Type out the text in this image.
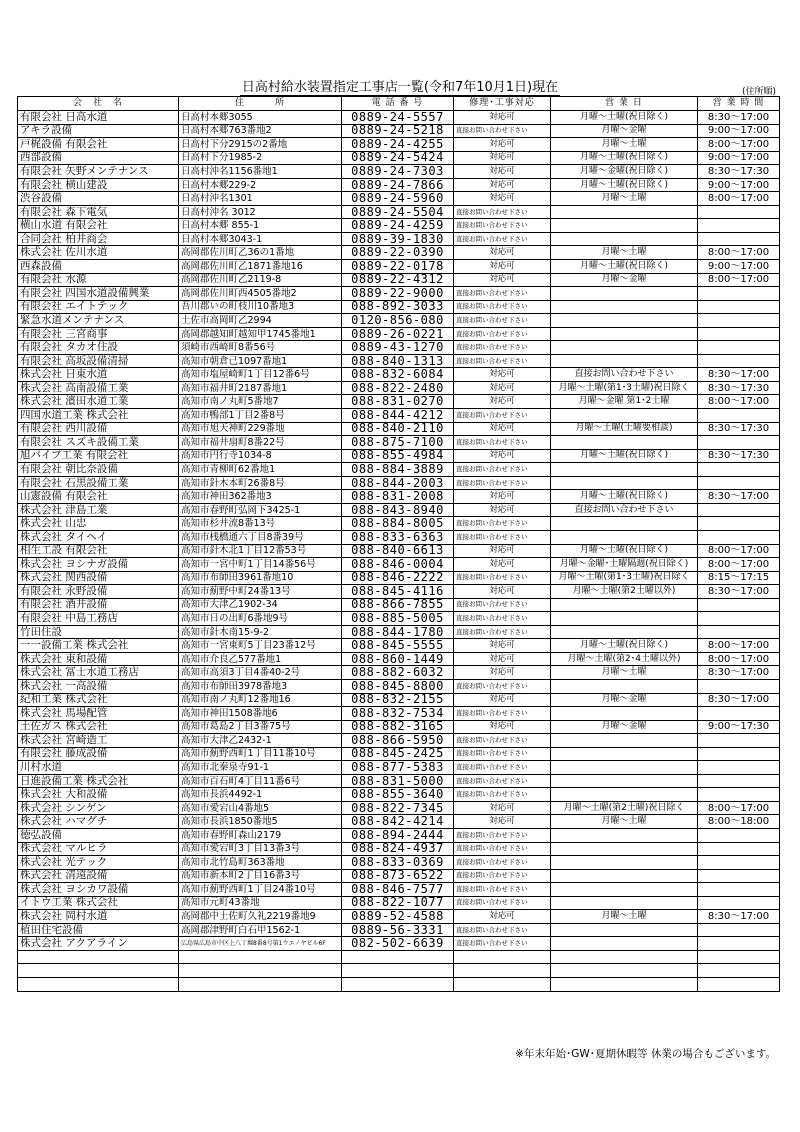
日高村給水装置指定工事店一覧(令和7年10月1日)現在	(住所順)
会　社　名	住　　　所	電 話 番 号	修理･工事対応	営 業 日	営 業 時 間
有限会社 日高水道	日高村本郷3055	0889-24-5557	対応可	月曜～土曜(祝日除く)	8:30～17:00
アキラ設備	日高村本郷763番地2	0889-24-5218	直接お問い合わせ下さい	月曜～金曜	9:00～17:00
戸梶設備 有限会社	日高村下分2915の2番地	0889-24-4255	対応可	月曜～土曜	8:00～17:00
西部設備	日高村下分1985-2	0889-24-5424	対応可	月曜～土曜(祝日除く)	9:00～17:00
有限会社 矢野メンテナンス	日高村沖名1156番地1	0889-24-7303	対応可	月曜～金曜(祝日除く)	8:30～17:30
有限会社 横山建設	日高村本郷229-2	0889-24-7866	対応可	月曜～土曜(祝日除く)	9:00～17:00
渋谷設備	日高村沖名1301	0889-24-5960	対応可	月曜～土曜	8:00～17:00
有限会社 森下電気	日高村沖名 3012	0889-24-5504	直接お問い合わせ下さい		
横山水道 有限会社	日高村本郷 855-1	0889-24-4259	直接お問い合わせ下さい		
合同会社 柏井商会	日高村本郷3043-1	0889-39-1830	直接お問い合わせ下さい		
株式会社 佐川水道	高岡郡佐川町乙36の1番地	0889-22-0390	対応可	月曜～土曜	8:00～17:00
西森設備	高岡郡佐川町乙1871番地16	0889-22-0178	対応可	月曜～土曜(祝日除く)	9:00～17:00
有限会社 水源	高岡郡佐川町乙2119-8	0889-22-4312	対応可	月曜～金曜	8:00～17:00
有限会社 四国水道設備興業	高岡郡佐川町西4505番地2	0889-22-9000	直接お問い合わせ下さい		
有限会社 エイトテック	吾川郡いの町枝川10番地3	088-892-3033	直接お問い合わせ下さい		
緊急水道メンテナンス	土佐市高岡町乙2994	0120-856-080	直接お問い合わせ下さい		
有限会社 三宮商事	高岡郡越知町越知甲1745番地1	0889-26-0221	直接お問い合わせ下さい		
有限会社 タカオ住設	須崎市西崎町8番56号	0889-43-1270	直接お問い合わせ下さい		
有限会社 高坂設備清掃	高知市朝倉己1097番地1	088-840-1313	直接お問い合わせ下さい		
株式会社 日東水道	高知市塩屋崎町1丁目12番6号	088-832-6084	対応可	直接お問い合わせ下さい	8:30～17:00
株式会社 高南設備工業	高知市福井町2187番地1	088-822-2480	対応可	月曜～土曜(第1･3土曜)祝日除く	8:30～17:30
株式会社 濱田水道工業	高知市南ノ丸町5番地7	088-831-0270	対応可	月曜～金曜 第1･2土曜	8:00～17:00
四国水道工業 株式会社	高知市鴨部1丁目2番8号	088-844-4212	直接お問い合わせ下さい		
有限会社 西川設備	高知市旭天神町229番地	088-840-2110	対応可	月曜～土曜(土曜要相談)	8:30～17:30
有限会社 スズキ設備工業	高知市福井扇町8番22号	088-875-7100	直接お問い合わせ下さい		
旭パイプ工業 有限会社	高知市円行寺1034-8	088-855-4984	対応可	月曜～土曜(祝日除く)	8:30～17:30
有限会社 朝比奈設備	高知市青柳町62番地1	088-884-3889	直接お問い合わせ下さい		
有限会社 石黒設備工業	高知市針木本町26番8号	088-844-2003	直接お問い合わせ下さい		
山憲設備 有限会社	高知市神田362番地3	088-831-2008	対応可	月曜～土曜(祝日除く)	8:30～17:00
株式会社 津島工業	高知市春野町弘岡下3425-1	088-843-8940	対応可	直接お問い合わせ下さい	
株式会社 山忠	高知市杉井流8番13号	088-884-8005	直接お問い合わせ下さい		
株式会社 タイヘイ	高知市桟橋通六丁目8番39号	088-833-6363	直接お問い合わせ下さい		
相生工設 有限会社	高知市針木北1丁目12番53号	088-840-6613	対応可	月曜～土曜(祝日除く)	8:00～17:00
株式会社 ヨシナガ設備	高知市一宮中町1丁目14番56号	088-846-0004	対応可	月曜～金曜･土曜隔週(祝日除く)	8:00～17:00
株式会社 関西設備	高知市布師田3961番地10	088-846-2222	直接お問い合わせ下さい	月曜～土曜(第1･3土曜)祝日除く	8:15～17:15
有限会社 永野設備	高知市薊野中町24番13号	088-845-4116	対応可	月曜～土曜(第2土曜以外)	8:30～17:00
有限会社 酒井設備	高知市大津乙1902-34	088-866-7855	直接お問い合わせ下さい		
有限会社 中島工務店	高知市日の出町6番地9号	088-885-5005	直接お問い合わせ下さい		
竹田住設	高知市針木南15-9-2	088-844-1780	直接お問い合わせ下さい		
一一設備工業 株式会社	高知市一宮東町5丁目23番12号	088-845-5555	対応可	月曜～土曜(祝日除く)	8:00～17:00
株式会社 東和設備	高知市介良乙577番地1	088-860-1449	対応可	月曜～土曜(第2･4土曜以外)	8:00～17:00
株式会社 冨士水道工務店	高知市高須3丁目4番40-2号	088-882-6032	対応可	月曜～土曜	8:30～17:00
株式会社 一高設備	高知市布師田3978番地3	088-845-8800	直接お問い合わせ下さい		
紀和工業 株式会社	高知市南ノ丸町12番地16	088-832-2155	対応可	月曜～金曜	8:30～17:00
株式会社 馬場配管	高知市神田1508番地6	088-832-7534	直接お問い合わせ下さい		
土佐ガス 株式会社	高知市葛島2丁目3番75号	088-882-3165	対応可	月曜～金曜	9:00～17:30
株式会社 宮崎造工	高知市大津乙2432-1	088-866-5950	直接お問い合わせ下さい		
有限会社 藤成設備	高知市薊野西町1丁目11番10号	088-845-2425	直接お問い合わせ下さい		
川村水道	高知市北秦泉寺91-1	088-877-5383	直接お問い合わせ下さい		
日進設備工業 株式会社	高知市百石町4丁目11番6号	088-831-5000	直接お問い合わせ下さい		
株式会社 大和設備	高知市長浜4492-1	088-855-3640	直接お問い合わせ下さい		
株式会社 シンゲン	高知市愛宕山4番地5	088-822-7345	対応可	月曜～土曜(第2土曜)祝日除く	8:00～17:00
株式会社 ハマグチ	高知市長浜1850番地5	088-842-4214	対応可	月曜～土曜	8:00～18:00
徳弘設備	高知市春野町森山2179	088-894-2444	直接お問い合わせ下さい		
株式会社 マルヒラ	高知市愛宕町3丁目13番3号	088-824-4937	直接お問い合わせ下さい		
株式会社 光テック	高知市北竹島町363番地	088-833-0369	直接お問い合わせ下さい		
株式会社 清遠設備	高知市新本町2丁目16番3号	088-873-6522	直接お問い合わせ下さい		
株式会社 ヨシカワ設備	高知市薊野西町1丁目24番10号	088-846-7577	直接お問い合わせ下さい		
イトウ工業 株式会社	高知市元町43番地	088-822-1077	直接お問い合わせ下さい		
株式会社 岡村水道	高岡郡中土佐町久礼2219番地9	0889-52-4588	対応可	月曜～土曜	8:30～17:00
植田住宅設備	高岡郡津野町白石甲1562-1	0889-56-3331	直接お問い合わせ下さい		
株式会社 アクアライン	広島県広島市中区上八丁堀8番8号第1ウエノヤビル6F	082-502-6639	直接お問い合わせ下さい		

※年末年始･GW･夏期休暇等 休業の場合もございます。
